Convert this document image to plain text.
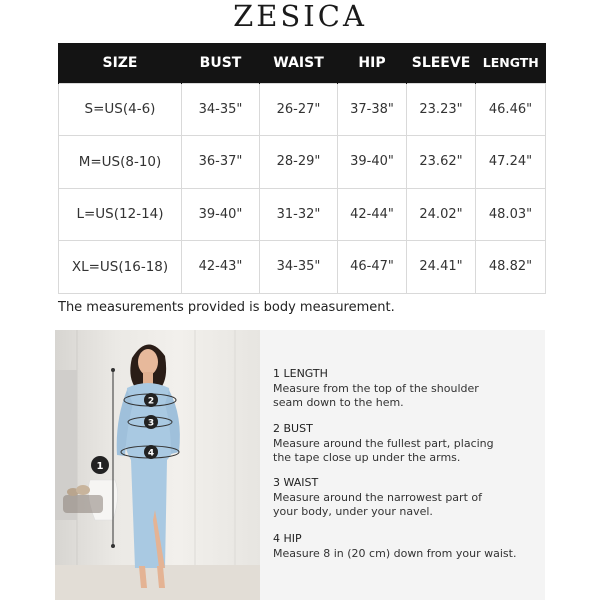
ZESICA
SIZE	BUST	WAIST	HIP	SLEEVE	LENGTH
S=US(4-6)	34-35"	26-27"	37-38"	23.23"	46.46"
M=US(8-10)	36-37"	28-29"	39-40"	23.62"	47.24"
L=US(12-14)	39-40"	31-32"	42-44"	24.02"	48.03"
XL=US(16-18)	42-43"	34-35"	46-47"	24.41"	48.82"
The measurements provided is body measurement.
1
2
3
4
1 LENGTH
Measure from the top of the shoulder
seam down to the hem.
2 BUST
Measure around the fullest part, placing
the tape close up under the arms.
3 WAIST
Measure around the narrowest part of
your body, under your navel.
4 HIP
Measure 8 in (20 cm) down from your waist.
